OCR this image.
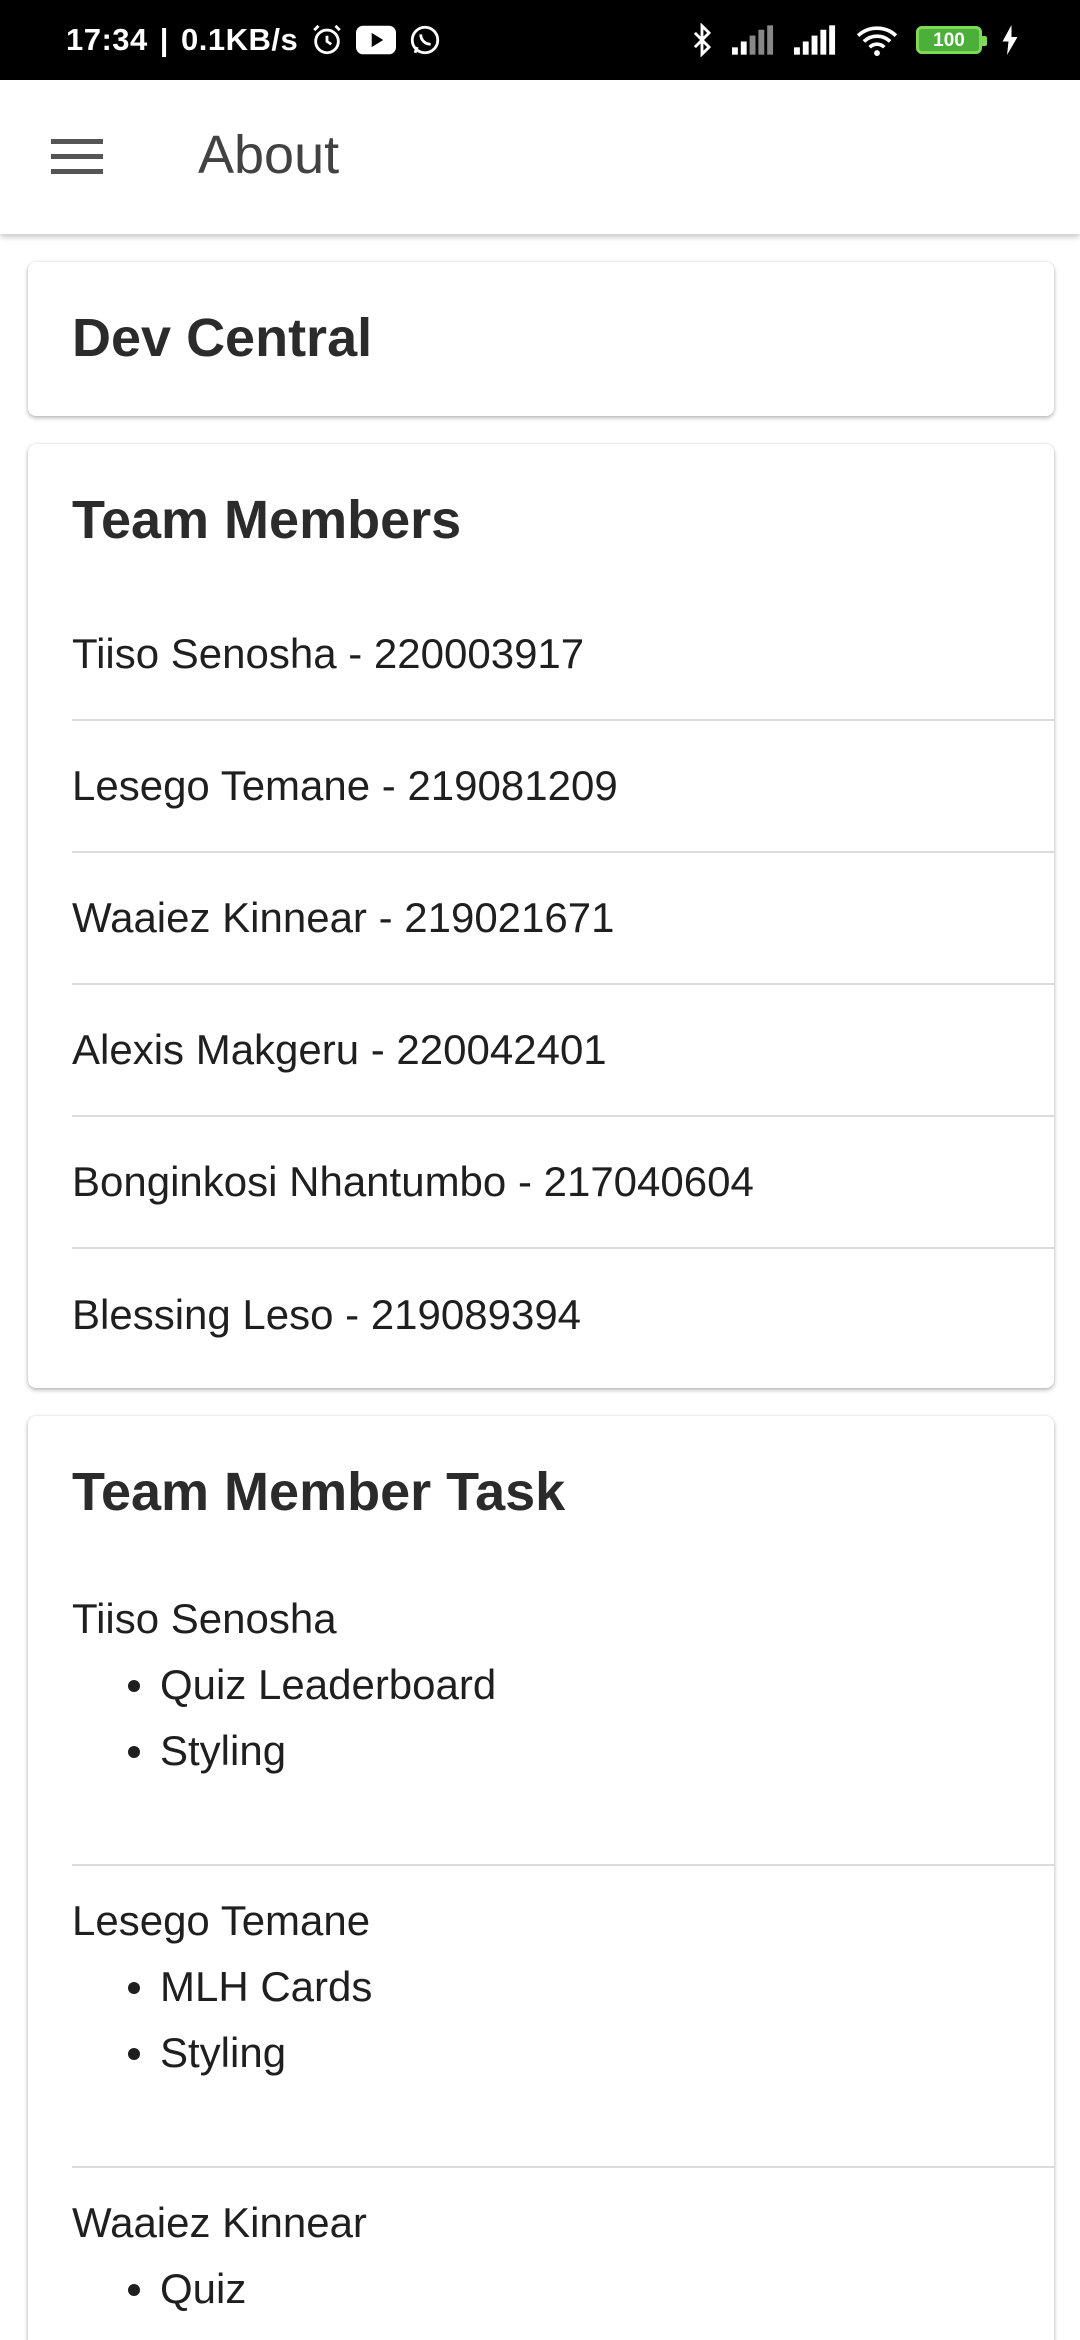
17:34 | 0.1KB/s	100
About
Dev Central
Team Members
Tiiso Senosha - 220003917
Lesego Temane - 219081209
Waaiez Kinnear - 219021671
Alexis Makgeru - 220042401
Bonginkosi Nhantumbo - 217040604
Blessing Leso - 219089394
Team Member Task
Tiiso Senosha
Quiz Leaderboard
Styling
Lesego Temane
MLH Cards
Styling
Waaiez Kinnear
Quiz
